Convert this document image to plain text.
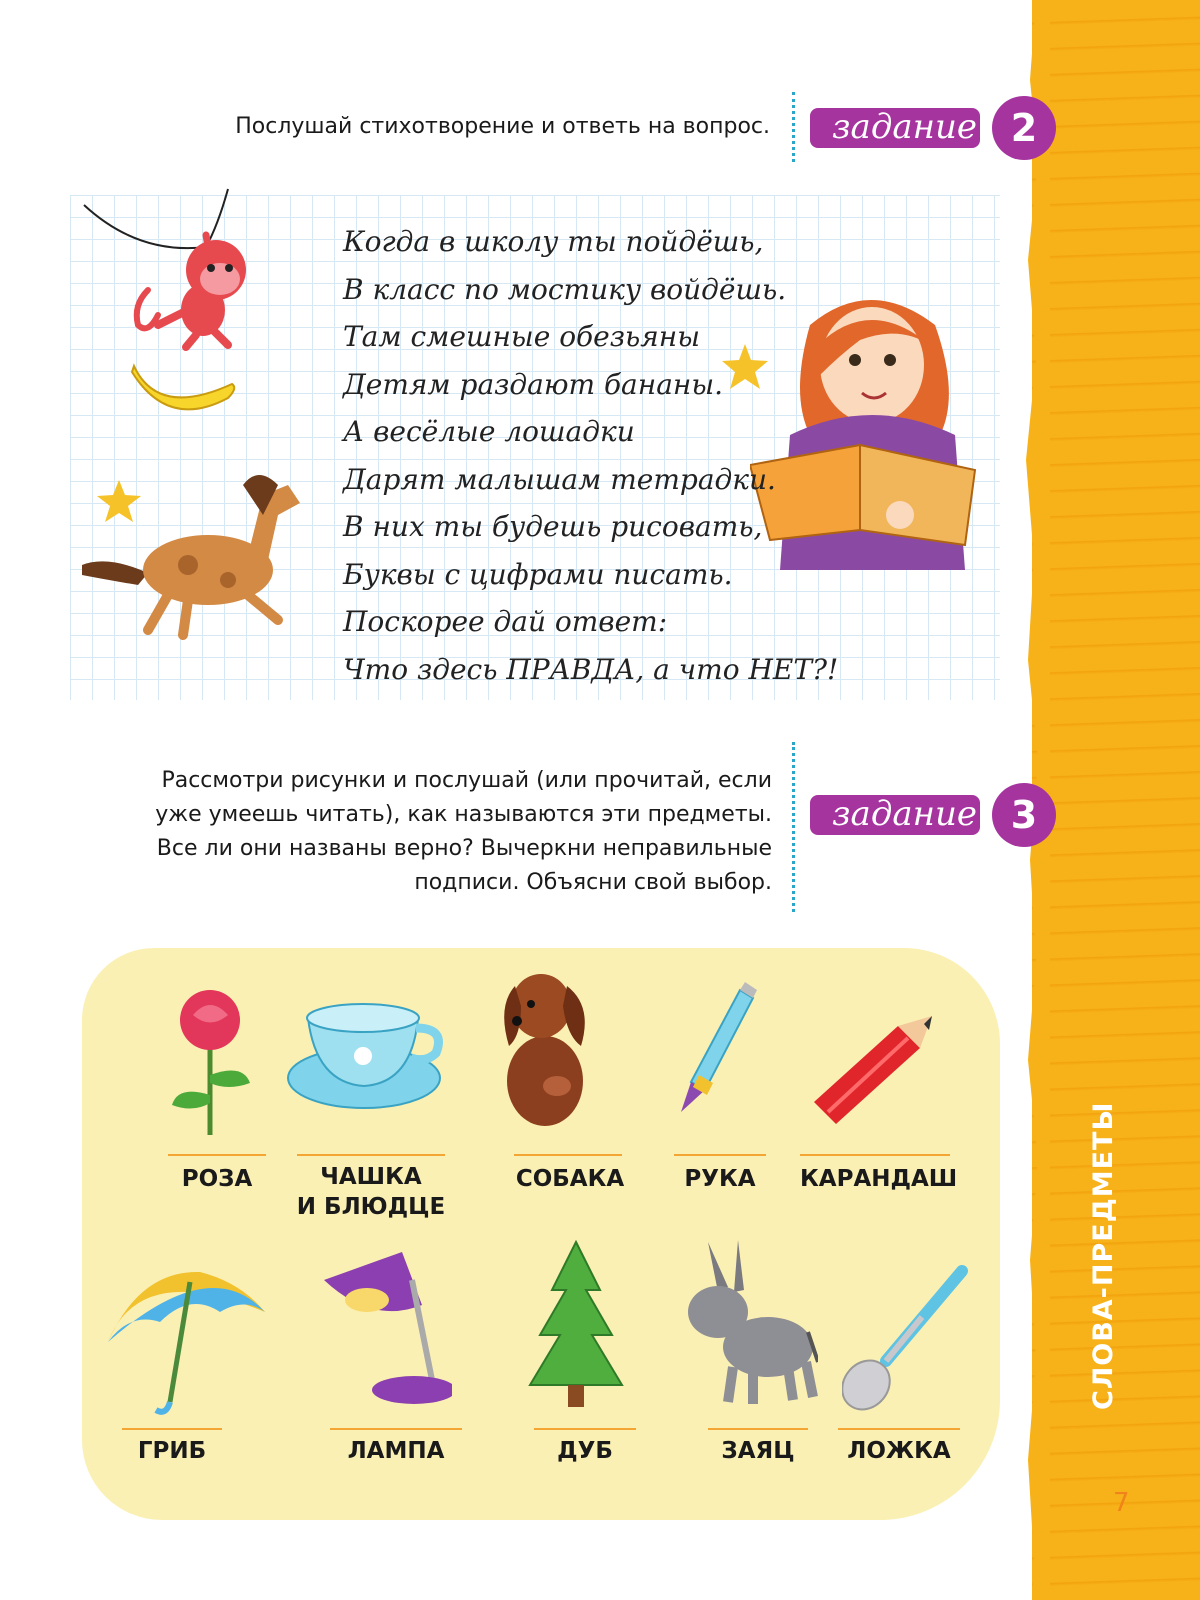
СЛОВА-ПРЕДМЕТЫ
7
Послушай стихотворение и ответь на вопрос.	задание 2
Когда в школу ты пойдёшь,
В класс по мостику войдёшь.
Там смешные обезьяны
Детям раздают бананы.
А весёлые лошадки
Дарят малышам тетрадки.
В них ты будешь рисовать,
Буквы с цифрами писать.
Поскорее дай ответ:
Что здесь ПРАВДА, а что НЕТ?!
Рассмотри рисунки и послушай (или прочитай, если
уже умеешь читать), как называются эти предметы.
Все ли они названы верно? Вычеркни неправильные
подписи. Объясни свой выбор.
задание 3
РОЗА	ЧАШКА
И БЛЮДЦЕ
СОБАКА	РУКА	КАРАНДАШ
ГРИБ	ЛАМПА	ДУБ	ЗАЯЦ	ЛОЖКА
